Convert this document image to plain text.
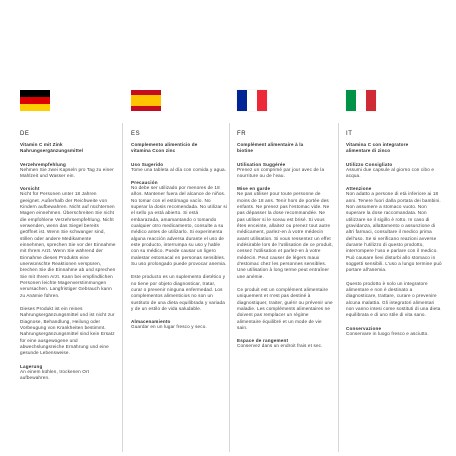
DE
Vitamin C mit Zink
Nahrungsergänzungsmittel
Verzehrempfehlung
Nehmen Sie zwei Kapseln pro Tag zu einer Mahlzeit und Wasser ein.
Vorsicht
Nicht für Personen unter 18 Jahren geeignet. Außerhalb der Reichweite von Kindern aufbewahren. Nicht auf nüchternen Magen einnehmen. Überschreiten Sie nicht die empfohlene Verzehrsempfehlung. Nicht verwenden, wenn das Siegel bereits geöffnet ist. Wenn Sie schwanger sind, stillen oder andere Medikamente einnehmen, sprechen Sie vor der Einnahme mit Ihrem Arzt. Wenn Sie während der Einnahme dieses Produkts eine unerwünschte Reaktionen verspüren, brechen Sie die Einnahme ab und sprechen Sie mit Ihrem Arzt. Kann bei empfindlichen Personen leichte Magenverstimmungen verursachen. Langfristiger Gebrauch kann zu Anämie führen.
Dieses Produkt ist ein reines Nahrungsergänzungsmittel und ist nicht zur Diagnose, Behandlung, Heilung oder Vorbeugung von Krankheiten bestimmt. Nahrungsergänzungsmittel sind kein Ersatz für eine ausgewogene und abwechslungsreiche Ernährung und eine gesunde Lebensweise.
Lagerung
An einem kühlen, trockenen Ort aufbewahren.
ES
Complemento alimenticio de
vitamina Ccon zinc
Uso Sugerido
Tome una tableta al día con comida y agua.
Precaución
No debe ser utilizado por menores de 18 años. Mantener fuera del alcance de niños. No tomar con el estómago vacío. No superar la dosis recomendada. No utilizar si el sello ya está abierto. Si está embarazada, amamantando o tomando cualquier otro medicamento, consulte a su médico antes de utilizarlo. Si experimenta alguna reacción adversa durante el uso de este producto, interrumpa su uso y hable con su médico. Puede causar un ligero malestar estomacal en personas sensibles. Su uso prolongado puede provocar anemia.
Este producto es un suplemento dietético y no tiene por objeto diagnosticar, tratar, curar o prevenir ninguna enfermedad. Los complementos alimenticios no son un sustituto de una dieta equilibrada y variada y de un estilo de vida saludable.
Almacenamiento
Guardar en un lugar fresco y seco.
FR
Complément alimentaire à la
biotine
Utilisation Suggérée
Prenez un comprimé par jour avec de la nourriture ou de l'eau.
Mise en garde
Ne pas utiliser pour toute personne de moins de 18 ans. Tenir hors de portée des enfants. Ne prenez pas l'estomac vide. Ne pas dépasser la dose recommandée. Ne pas utiliser si le sceau est brisé. Si vous êtes enceinte, allaitez ou prenez tout autre médicament, parlez-en à votre médecin avant utilisation. Si vous ressentez un effet indésirable lors de l'utilisation de ce produit, cessez l'utilisation et parlez-en à votre médecin. Peut causer de légers maux d'estomac chez les personnes sensibles. Une utilisation à long terme peut entraîner une anémie.
Ce produit est un complément alimentaire uniquement et n'est pas destiné à diagnostiquer, traiter, guérir ou prévenir une maladie. Les compléments alimentaires ne doivent pas remplacer un régime alimentaire équilibré et un mode de vie sain.
Espace de rangement
Conservez dans un endroit frais et sec.
IT
Vitamina C con integratore
alimentare di zinco
Utilizzo Consigliato
Assumi due capsule al giorno con cibo e acqua.
Attenzione
Non adatto a persone di età inferiore ai 18 anni. Tenere fuori dalla portata dei bambini. Non assumere a stomaco vuoto. Non superare la dose raccomandata. Non utilizzare se il sigillo è rotto. In caso di gravidanza, allattamento o assunzione di altri farmaci, consultare il medico prima dell'uso. Se si verificano reazioni avverse durante l'utilizzo di questo prodotto, interrompere l'uso e parlare con il medico. Può causare lievi disturbi allo stomaco in soggetti sensibili. L'uso a lungo termine può portare all'anemia.
Questo prodotto è solo un integratore alimentare e non è destinato a diagnosticare, trattare, curare o prevenire alcuna malattia. Gli integratori alimentari non vanno intesi come sostituti di una dieta equilibrata e di uno stile di vita sano.
Conservazione
Conservare in luogo fresco e asciutto.
